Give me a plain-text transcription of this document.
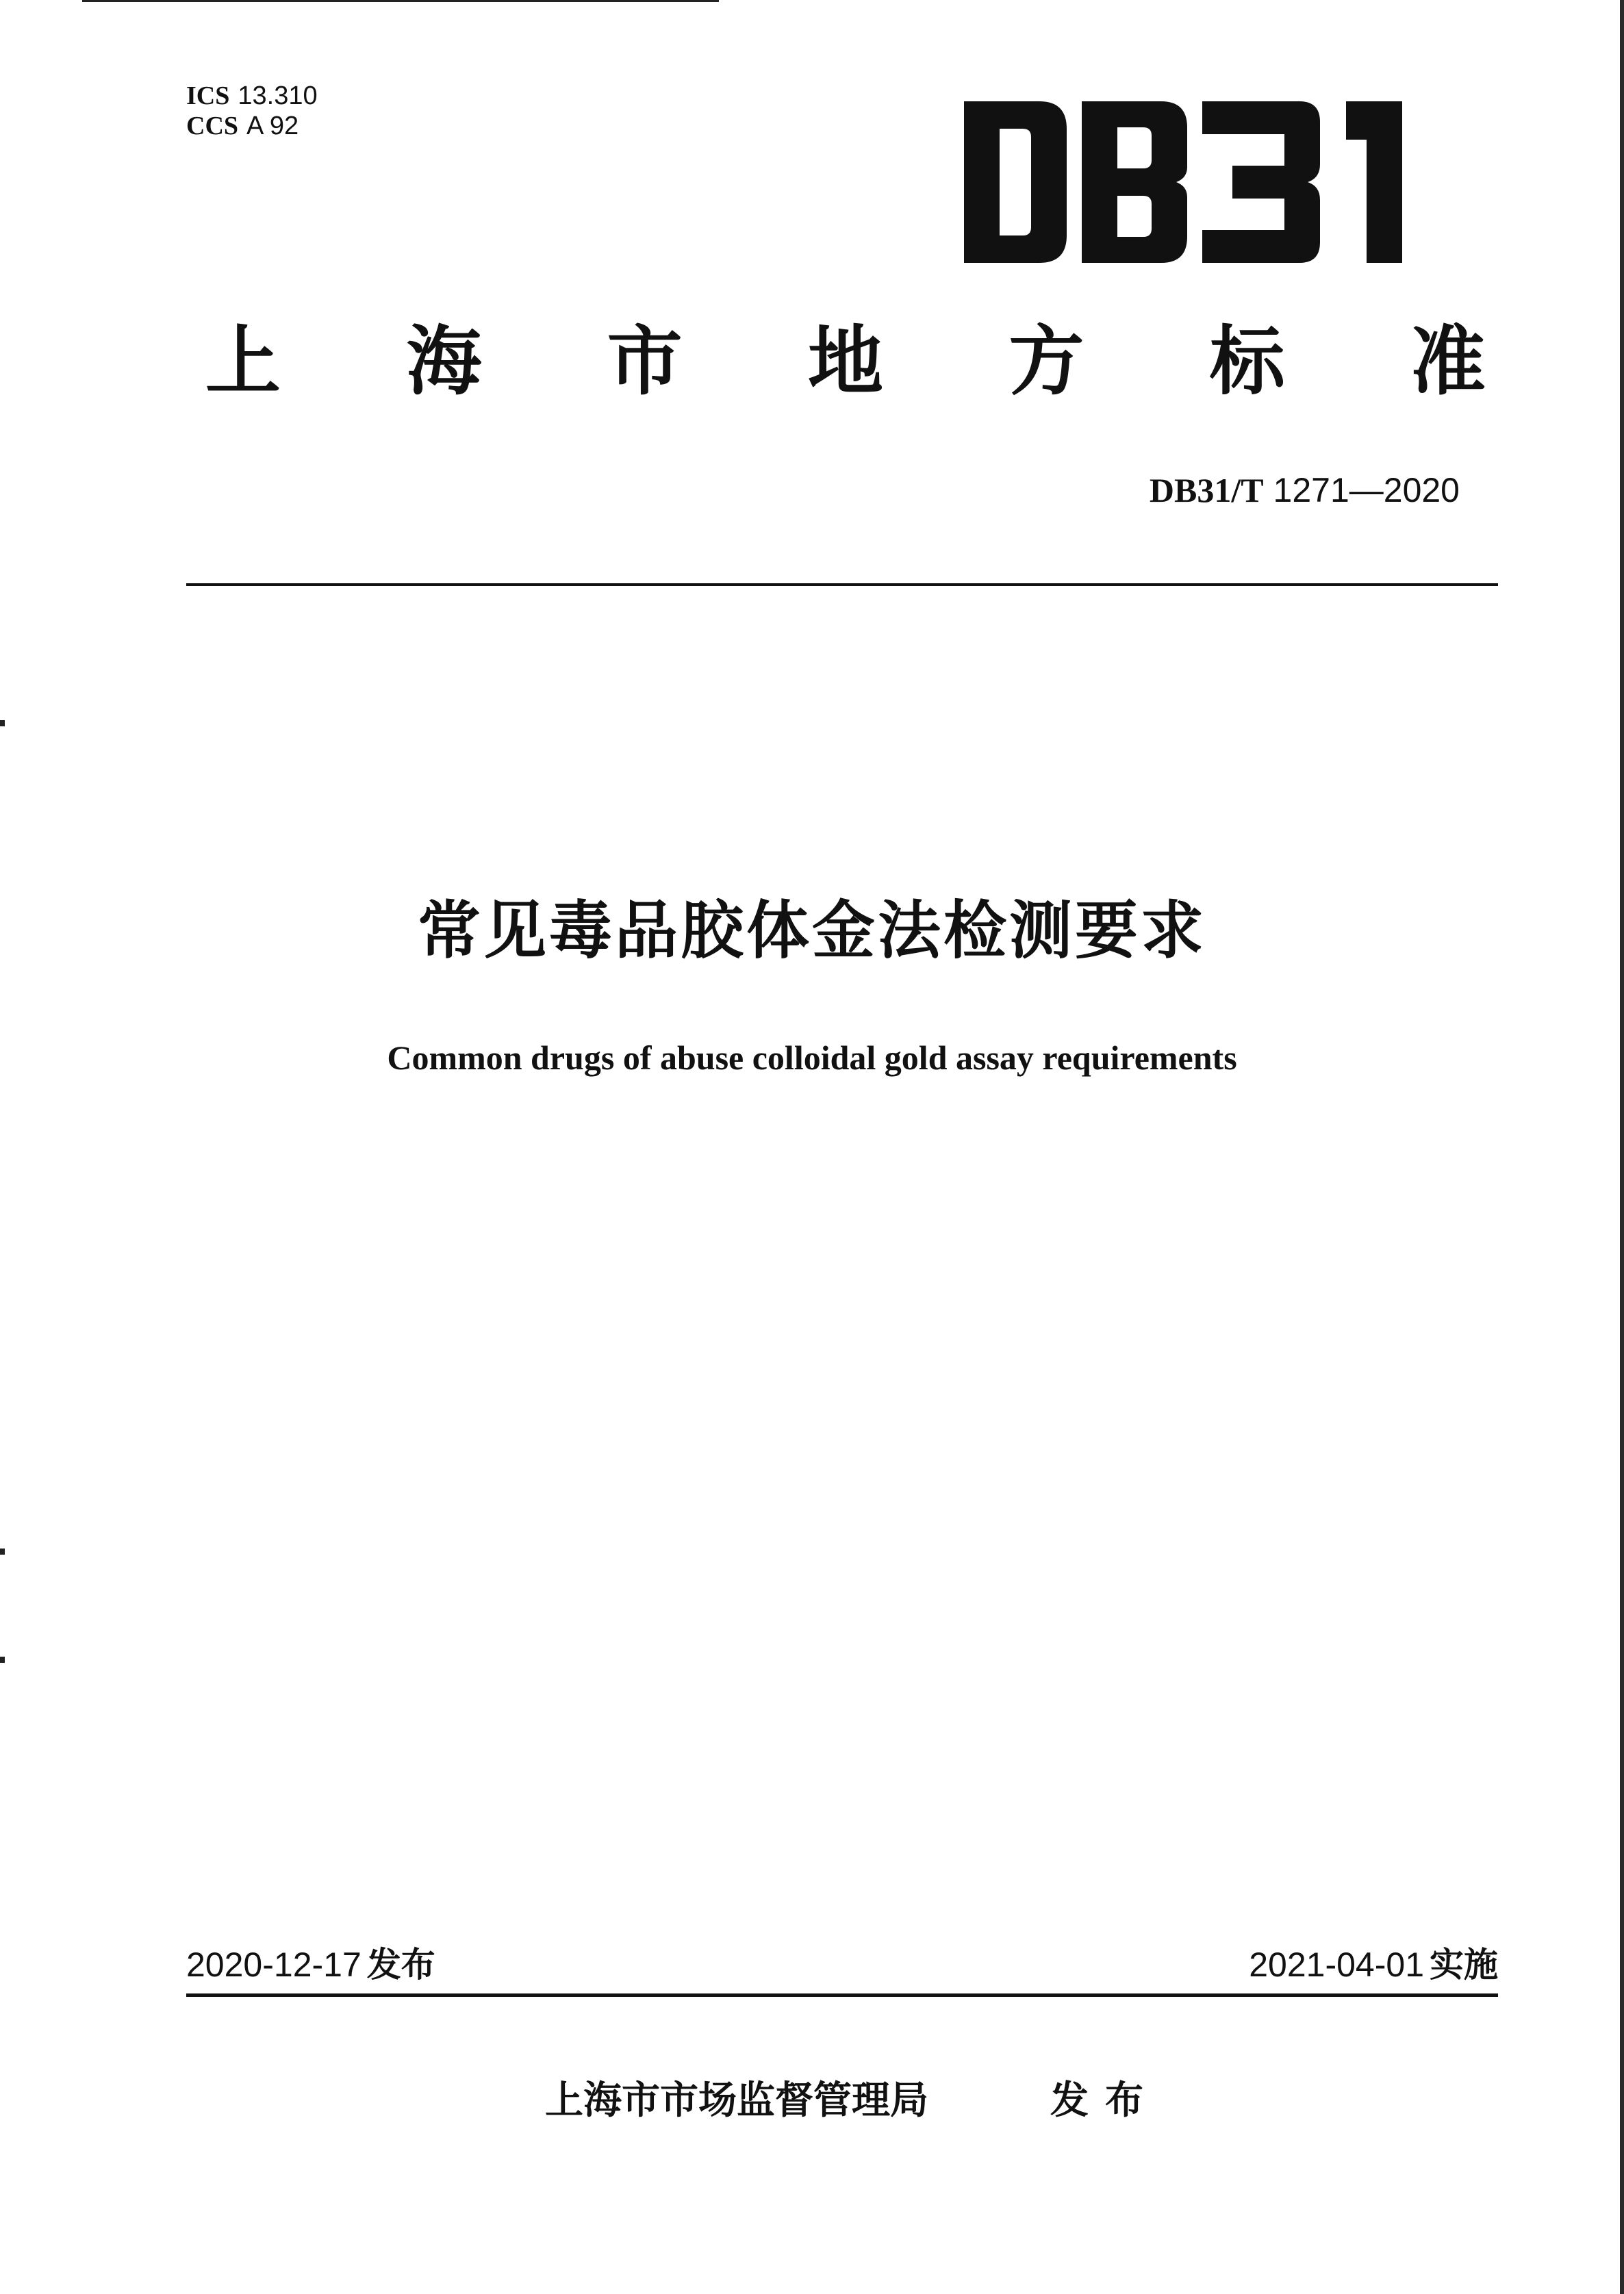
ICS 13.310
CCS A 92
上 海 市 地 方 标 准
DB31/T 1271—2020
常见毒品胶体金法检测要求
Common drugs of abuse colloidal gold assay requirements
2020-12-17 发布	2021-04-01 实施
上海市市场监督管理局	发布
